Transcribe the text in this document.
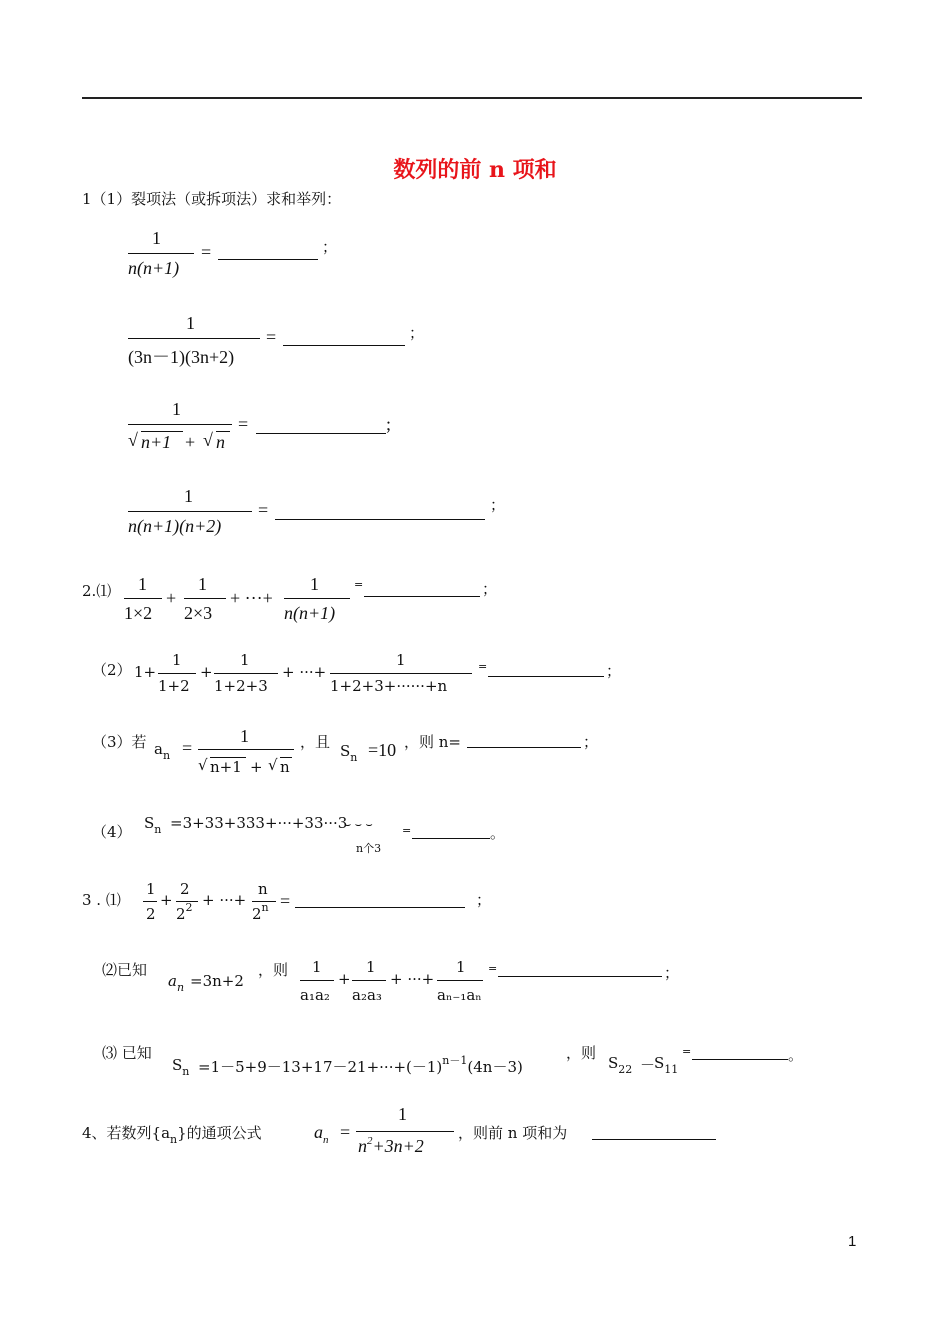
数列的前 n 项和
1（1）裂项法（或拆项法）求和举列：
1
n(n+1)
=	；
1
(3n－1)(3n+2)
=	；
1
√ n+1 + √ n
=	;
1
n(n+1)(n+2)
=	；
2.⑴ 1
1×2
+
1
2×3
+ ···+
1
n(n+1)
=	；
（2） 1+
1
1+2
+
1
1+2+3
+ ···+
1
1+2+3+······+n
=	；
（3）若 $a_n$ =
1
√ n+1 + √ n
，且 $S_n =10$ ，则 n=	；
（4） $S_n =3+33+333+\cdot\cdot\cdot+33\cdot\cdot\cdot 3$
⌣ ⌣ ⌣
n个3
=	。
3 . ⑴
1
2
+
2
$2^2$ + ···+
n
$2^n$ =	；
⑵已知
$a_n =3n+2$
，则 1
a₁a₂
+
1
a₂a₃
+ ···+
1
aₙ₋₁aₙ
=	；
⑶ 已知
$S_n =1-5+9-13+17-21+\cdot\cdot\cdot+(-1)^{n-1}(4n-3)$
，则
$S_{22}$ －
$S_{11}$
=	。
4、若数列$\{a_n\}$的通项公式	$a_n$ =
1
$n^2+3n+2$
，则前 n 项和为
1
